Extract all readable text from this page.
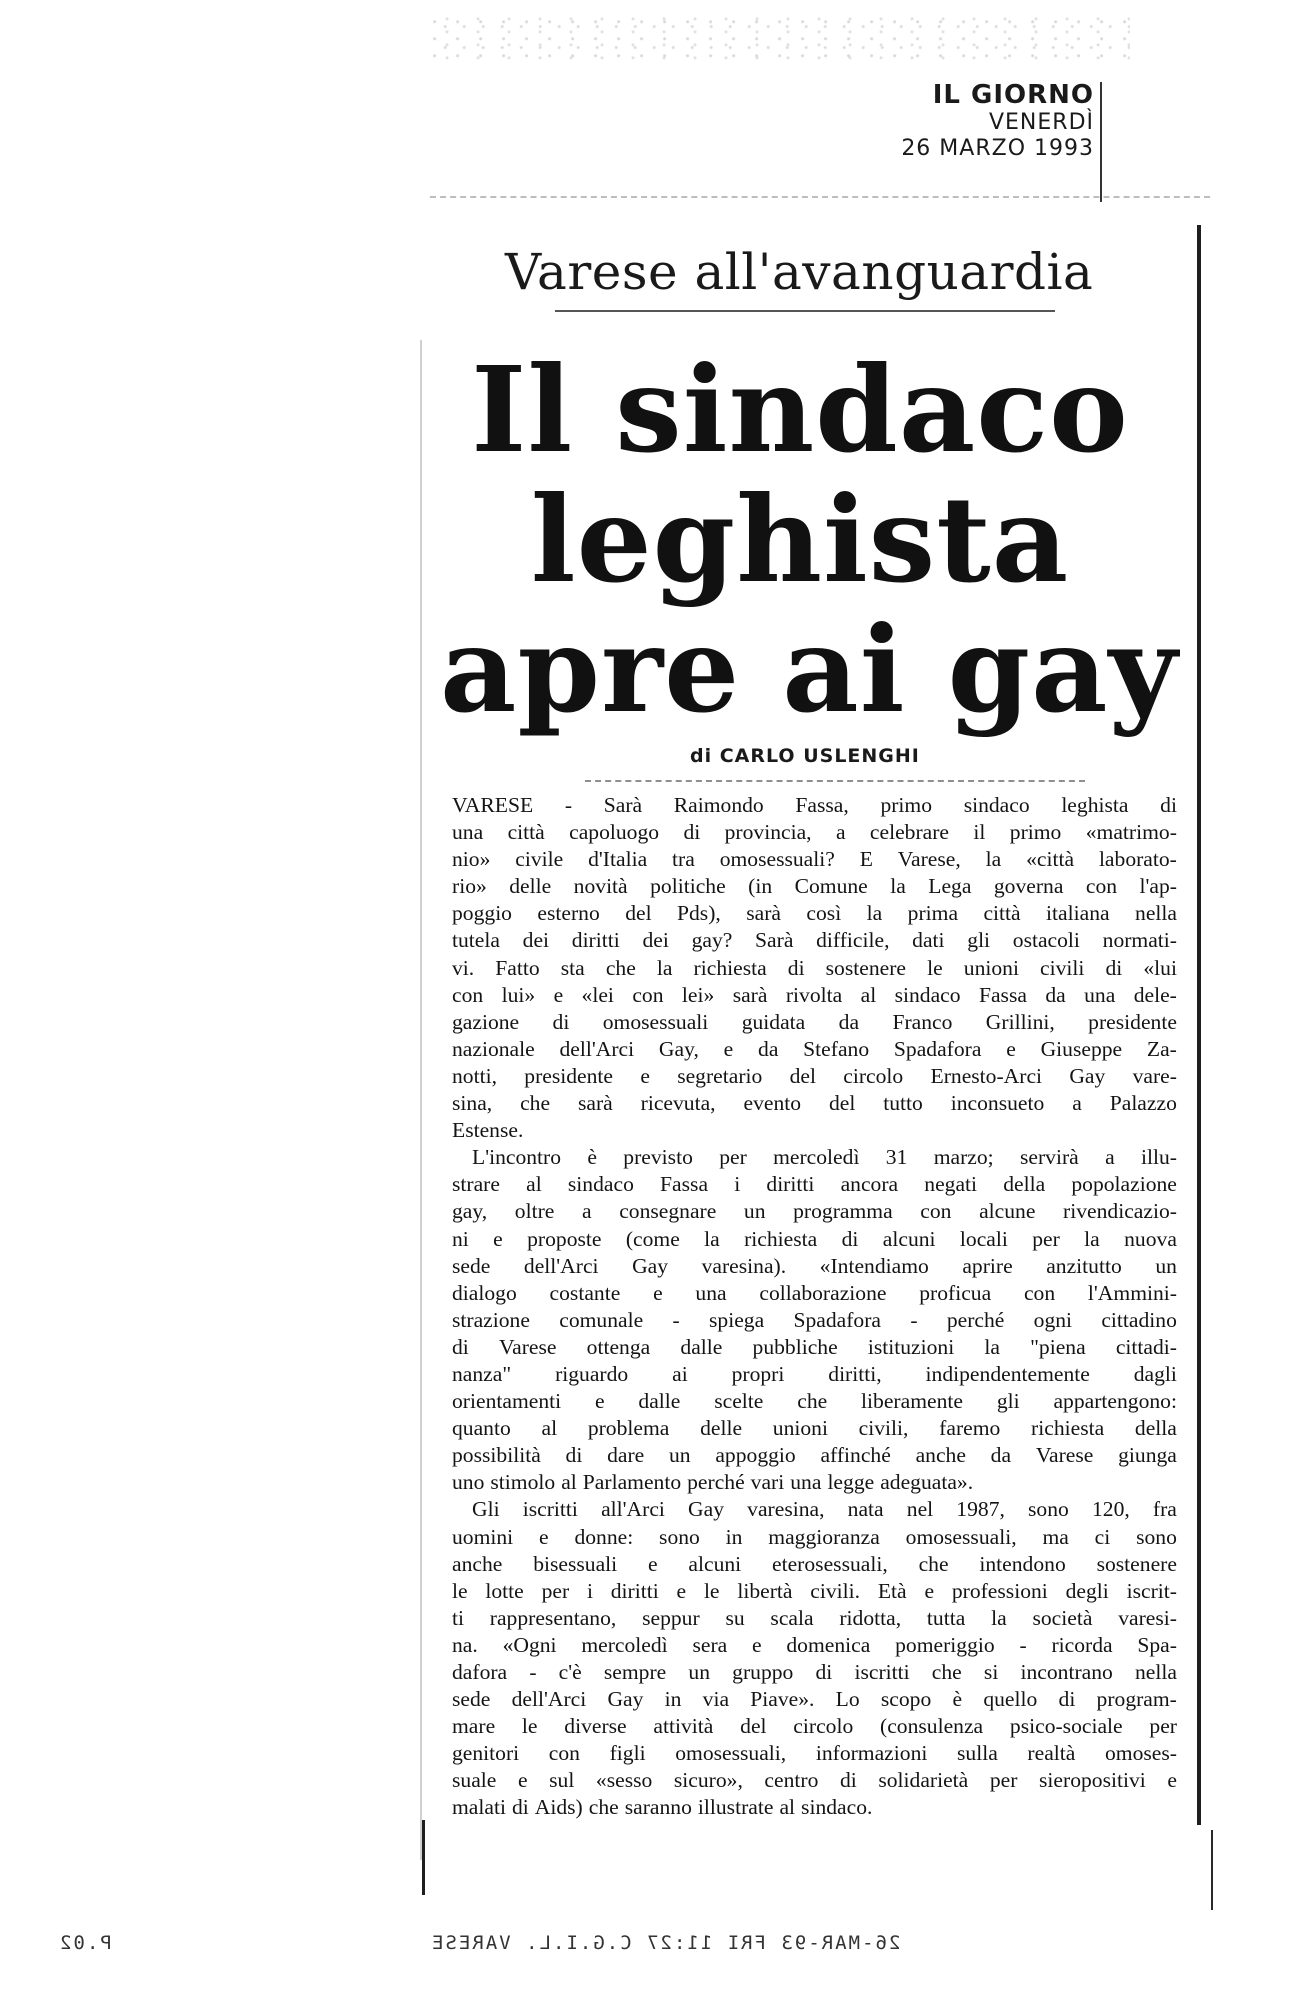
IL GIORNO
VENERDÌ
26 MARZO 1993
Varese all'avanguardia
Il sindaco
leghista
apre ai gay
di CARLO USLENGHI
VARESE - Sarà Raimondo Fassa, primo sindaco leghista di
una città capoluogo di provincia, a celebrare il primo «matrimo-
nio» civile d'Italia tra omosessuali? E Varese, la «città laborato-
rio» delle novità politiche (in Comune la Lega governa con l'ap-
poggio esterno del Pds), sarà così la prima città italiana nella
tutela dei diritti dei gay? Sarà difficile, dati gli ostacoli normati-
vi. Fatto sta che la richiesta di sostenere le unioni civili di «lui
con lui» e «lei con lei» sarà rivolta al sindaco Fassa da una dele-
gazione di omosessuali guidata da Franco Grillini, presidente
nazionale dell'Arci Gay, e da Stefano Spadafora e Giuseppe Za-
notti, presidente e segretario del circolo Ernesto-Arci Gay vare-
sina, che sarà ricevuta, evento del tutto inconsueto a Palazzo
Estense.
L'incontro è previsto per mercoledì 31 marzo; servirà a illu-
strare al sindaco Fassa i diritti ancora negati della popolazione
gay, oltre a consegnare un programma con alcune rivendicazio-
ni e proposte (come la richiesta di alcuni locali per la nuova
sede dell'Arci Gay varesina). «Intendiamo aprire anzitutto un
dialogo costante e una collaborazione proficua con l'Ammini-
strazione comunale - spiega Spadafora - perché ogni cittadino
di Varese ottenga dalle pubbliche istituzioni la "piena cittadi-
nanza" riguardo ai propri diritti, indipendentemente dagli
orientamenti e dalle scelte che liberamente gli appartengono:
quanto al problema delle unioni civili, faremo richiesta della
possibilità di dare un appoggio affinché anche da Varese giunga
uno stimolo al Parlamento perché vari una legge adeguata».
Gli iscritti all'Arci Gay varesina, nata nel 1987, sono 120, fra
uomini e donne: sono in maggioranza omosessuali, ma ci sono
anche bisessuali e alcuni eterosessuali, che intendono sostenere
le lotte per i diritti e le libertà civili. Età e professioni degli iscrit-
ti rappresentano, seppur su scala ridotta, tutta la società varesi-
na. «Ogni mercoledì sera e domenica pomeriggio - ricorda Spa-
dafora - c'è sempre un gruppo di iscritti che si incontrano nella
sede dell'Arci Gay in via Piave». Lo scopo è quello di program-
mare le diverse attività del circolo (consulenza psico-sociale per
genitori con figli omosessuali, informazioni sulla realtà omoses-
suale e sul «sesso sicuro», centro di solidarietà per sieropositivi e
malati di Aids) che saranno illustrate al sindaco.
P.02	26-MAR-93 FRI 11:27 C.G.I.L. VARESE
